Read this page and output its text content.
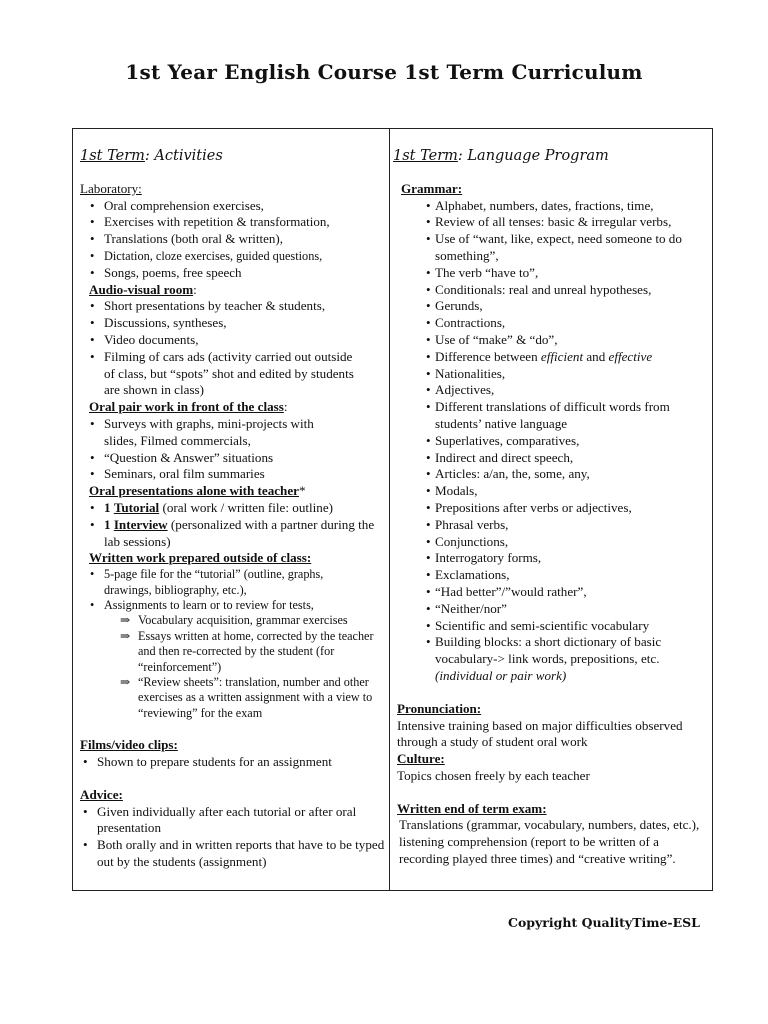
1st Year English Course 1st Term Curriculum
1st Term: Activities
Laboratory:
• Oral comprehension exercises,
• Exercises with repetition & transformation,
• Translations (both oral & written),
• Dictation, cloze exercises, guided questions,
• Songs, poems, free speech
Audio-visual room:
• Short presentations by teacher & students,
• Discussions, syntheses,
• Video documents,
• Filming of cars ads (activity carried out outside of class, but “spots” shot and edited by students are shown in class)
Oral pair work in front of the class:
• Surveys with graphs, mini-projects with slides, Filmed commercials,
• “Question & Answer” situations
• Seminars, oral film summaries
Oral presentations alone with teacher*
• 1 Tutorial (oral work / written file: outline)
• 1 Interview (personalized with a partner during the lab sessions)
Written work prepared outside of class:
• 5-page file for the “tutorial” (outline, graphs, drawings, bibliography, etc.),
• Assignments to learn or to review for tests,
⇒ Vocabulary acquisition, grammar exercises
⇒ Essays written at home, corrected by the teacher and then re-corrected by the student (for “reinforcement”)
⇒ “Review sheets”: translation, number and other exercises as a written assignment with a view to “reviewing” for the exam
Films/video clips:
• Shown to prepare students for an assignment
Advice:
• Given individually after each tutorial or after oral presentation
• Both orally and in written reports that have to be typed out by the students (assignment)
1st Term: Language Program
Grammar:
• Alphabet, numbers, dates, fractions, time,
• Review of all tenses: basic & irregular verbs,
• Use of “want, like, expect, need someone to do something”,
• The verb “have to”,
• Conditionals: real and unreal hypotheses,
• Gerunds,
• Contractions,
• Use of “make” & “do”,
• Difference between efficient and effective
• Nationalities,
• Adjectives,
• Different translations of difficult words from students’ native language
• Superlatives, comparatives,
• Indirect and direct speech,
• Articles: a/an, the, some, any,
• Modals,
• Prepositions after verbs or adjectives,
• Phrasal verbs,
• Conjunctions,
• Interrogatory forms,
• Exclamations,
• “Had better”/”would rather”,
• “Neither/nor”
• Scientific and semi-scientific vocabulary
• Building blocks: a short dictionary of basic vocabulary-> link words, prepositions, etc. (individual or pair work)
Pronunciation:
Intensive training based on major difficulties observed through a study of student oral work
Culture:
Topics chosen freely by each teacher
Written end of term exam:
Translations (grammar, vocabulary, numbers, dates, etc.), listening comprehension (report to be written of a recording played three times) and “creative writing”.
Copyright QualityTime-ESL
